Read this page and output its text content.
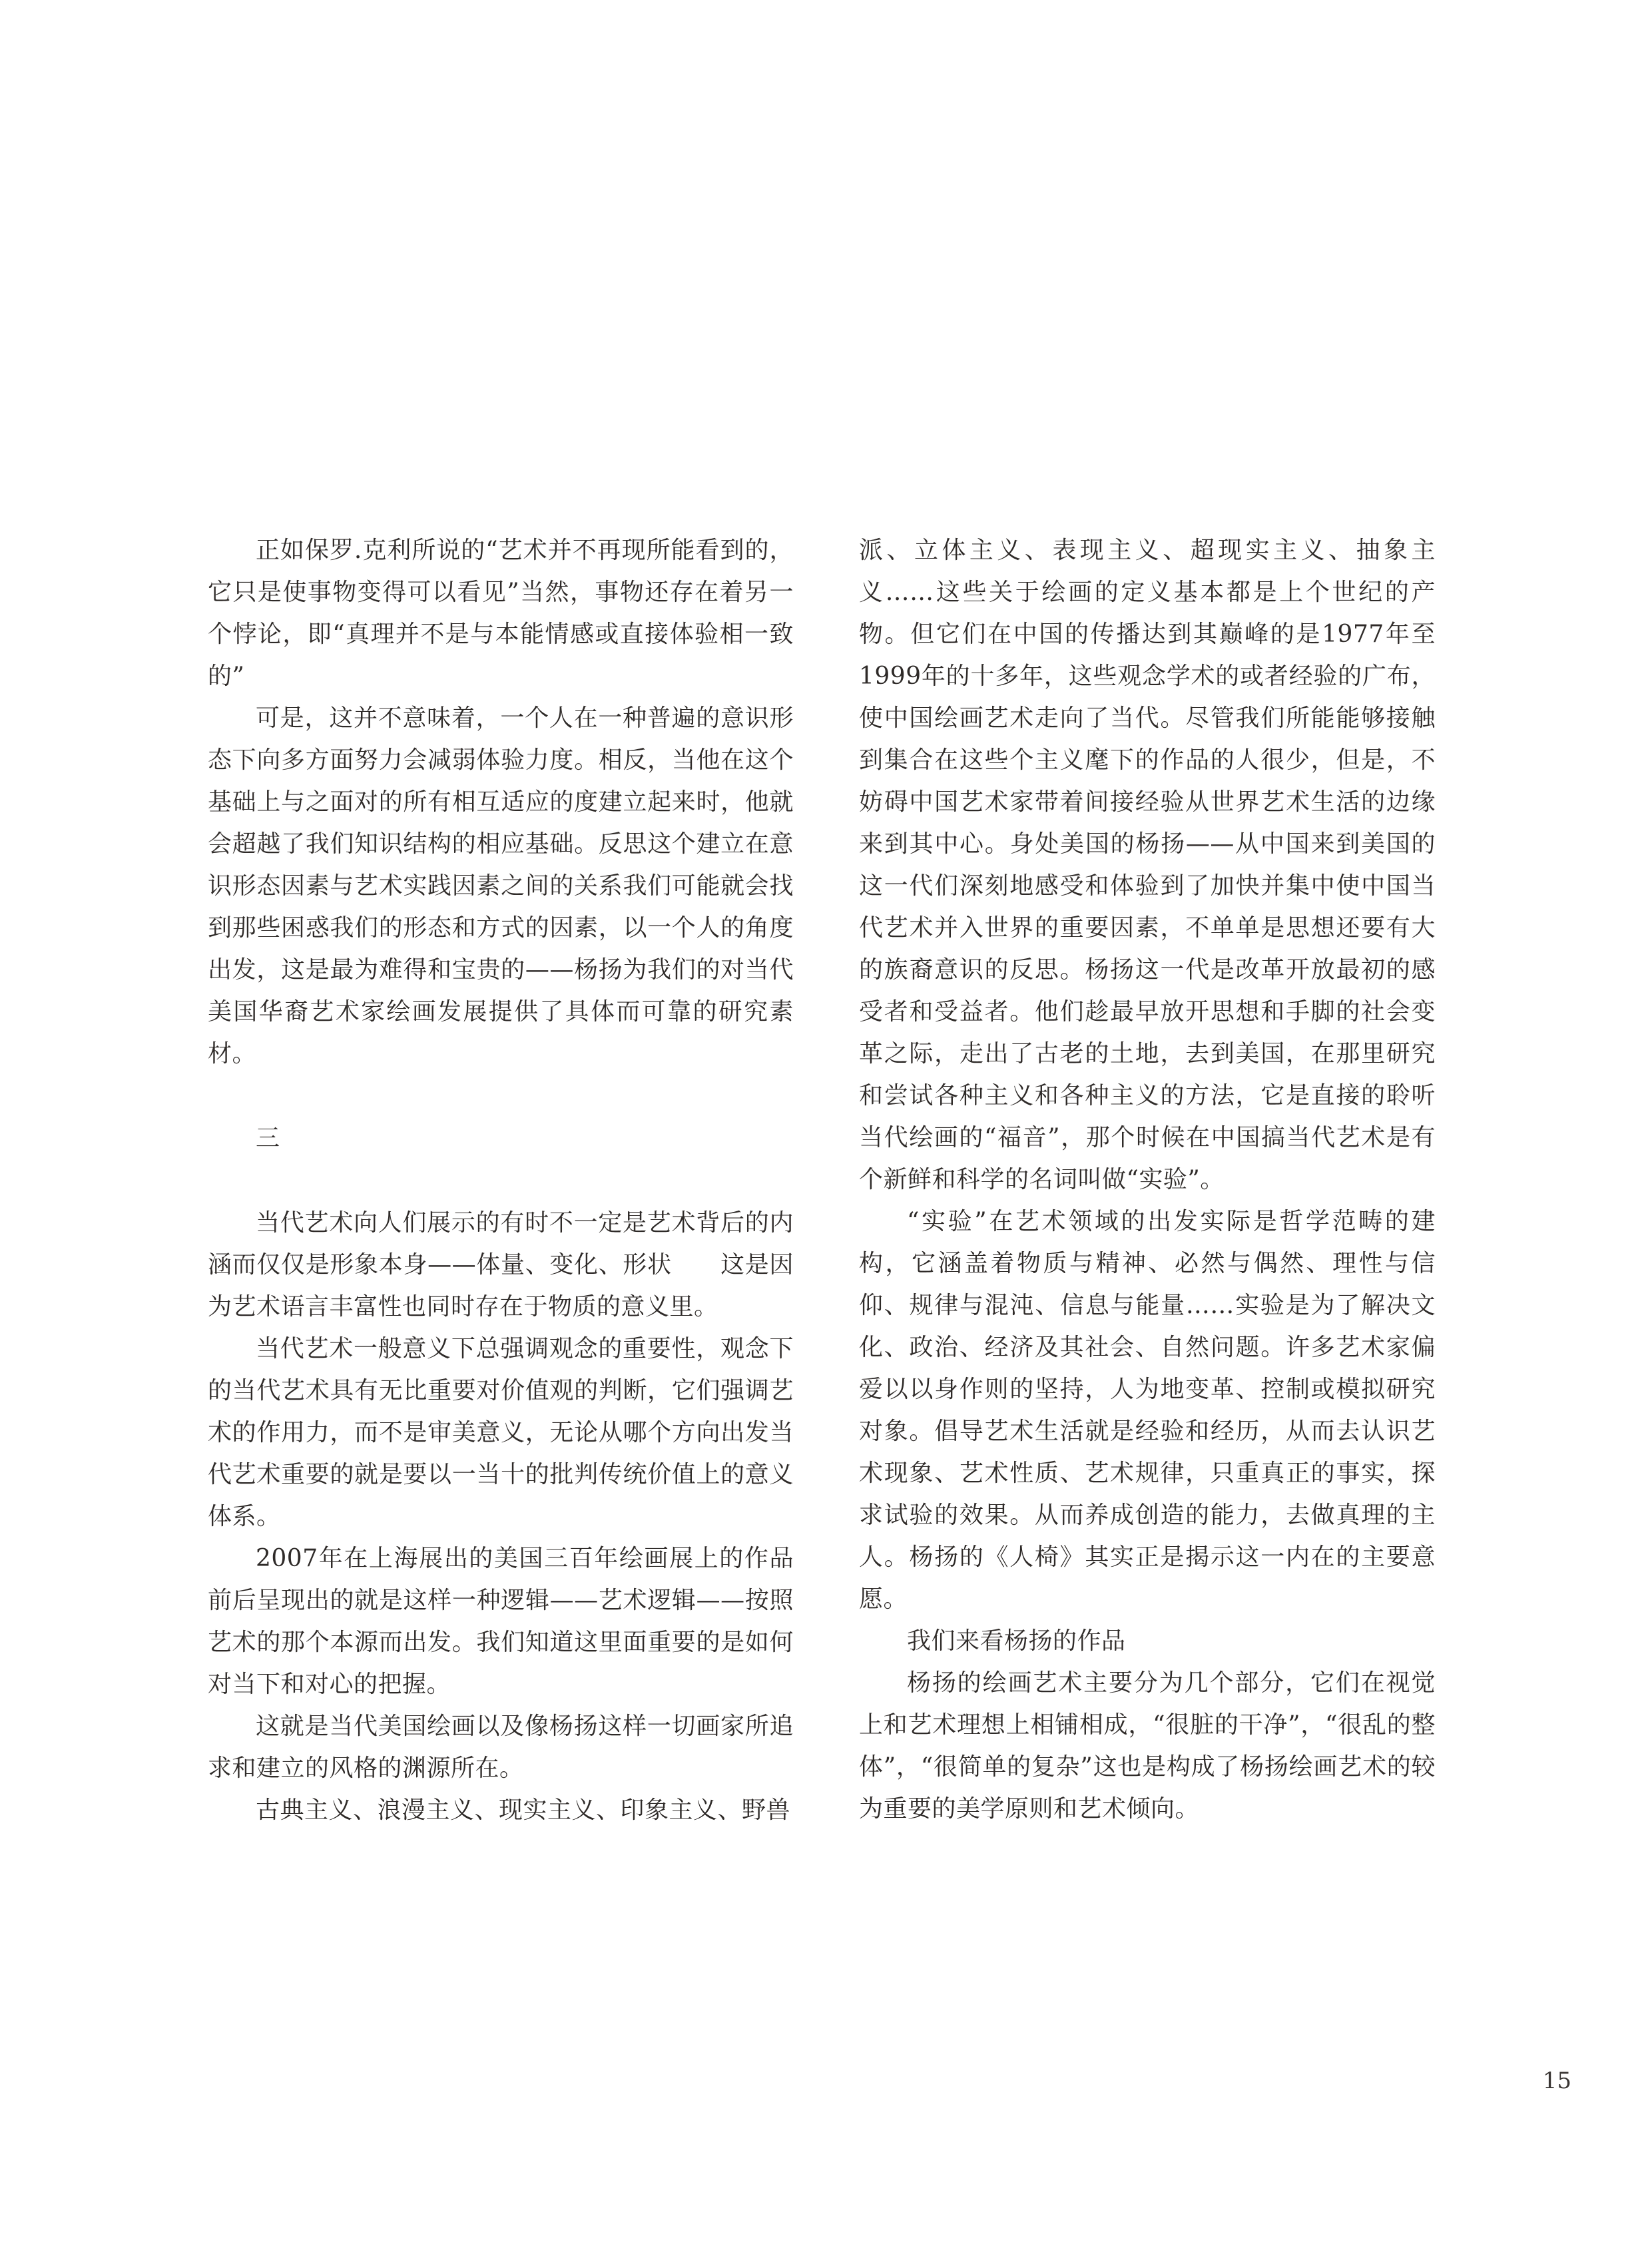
正如保罗.克利所说的“艺术并不再现所能看到的，它只是使事物变得可以看见”当然，事物还存在着另一个悖论，即“真理并不是与本能情感或直接体验相一致的”

可是，这并不意味着，一个人在一种普遍的意识形态下向多方面努力会减弱体验力度。相反，当他在这个基础上与之面对的所有相互适应的度建立起来时，他就会超越了我们知识结构的相应基础。反思这个建立在意识形态因素与艺术实践因素之间的关系我们可能就会找到那些困惑我们的形态和方式的因素，以一个人的角度出发，这是最为难得和宝贵的——杨扬为我们的对当代美国华裔艺术家绘画发展提供了具体而可靠的研究素材。

三

当代艺术向人们展示的有时不一定是艺术背后的内涵而仅仅是形象本身——体量、变化、形状　　这是因为艺术语言丰富性也同时存在于物质的意义里。

当代艺术一般意义下总强调观念的重要性，观念下的当代艺术具有无比重要对价值观的判断，它们强调艺术的作用力，而不是审美意义，无论从哪个方向出发当代艺术重要的就是要以一当十的批判传统价值上的意义体系。

2007年在上海展出的美国三百年绘画展上的作品前后呈现出的就是这样一种逻辑——艺术逻辑——按照艺术的那个本源而出发。我们知道这里面重要的是如何对当下和对心的把握。

这就是当代美国绘画以及像杨扬这样一切画家所追求和建立的风格的渊源所在。

古典主义、浪漫主义、现实主义、印象主义、野兽

派、立体主义、表现主义、超现实主义、抽象主义……这些关于绘画的定义基本都是上个世纪的产物。但它们在中国的传播达到其巅峰的是1977年至1999年的十多年，这些观念学术的或者经验的广布，使中国绘画艺术走向了当代。尽管我们所能能够接触到集合在这些个主义麾下的作品的人很少，但是，不妨碍中国艺术家带着间接经验从世界艺术生活的边缘来到其中心。身处美国的杨扬——从中国来到美国的这一代们深刻地感受和体验到了加快并集中使中国当代艺术并入世界的重要因素，不单单是思想还要有大的族裔意识的反思。杨扬这一代是改革开放最初的感受者和受益者。他们趁最早放开思想和手脚的社会变革之际，走出了古老的土地，去到美国，在那里研究和尝试各种主义和各种主义的方法，它是直接的聆听当代绘画的“福音”，那个时候在中国搞当代艺术是有个新鲜和科学的名词叫做“实验”。

“实验”在艺术领域的出发实际是哲学范畴的建构，它涵盖着物质与精神、必然与偶然、理性与信仰、规律与混沌、信息与能量……实验是为了解决文化、政治、经济及其社会、自然问题。许多艺术家偏爱以以身作则的坚持，人为地变革、控制或模拟研究对象。倡导艺术生活就是经验和经历，从而去认识艺术现象、艺术性质、艺术规律，只重真正的事实，探求试验的效果。从而养成创造的能力，去做真理的主人。杨扬的《人椅》其实正是揭示这一内在的主要意愿。

我们来看杨扬的作品

杨扬的绘画艺术主要分为几个部分，它们在视觉上和艺术理想上相铺相成，“很脏的干净”，“很乱的整体”，“很简单的复杂”这也是构成了杨扬绘画艺术的较为重要的美学原则和艺术倾向。

15
